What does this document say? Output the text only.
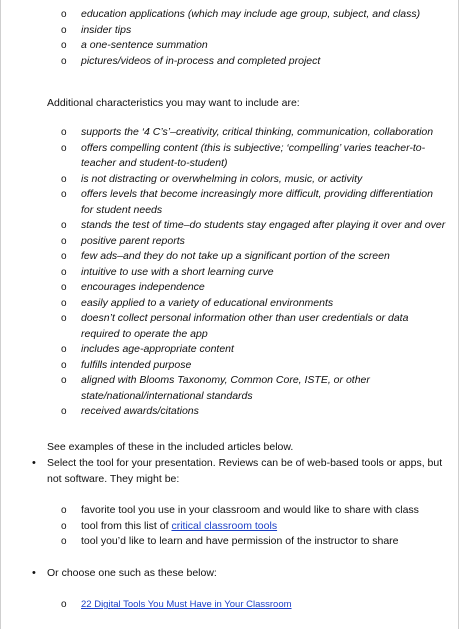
o education applications (which may include age group, subject, and class)
o insider tips
o a one-sentence summation
o pictures/videos of in-process and completed project
Additional characteristics you may want to include are:
o supports the ‘4 C’s’–creativity, critical thinking, communication, collaboration
o offers compelling content (this is subjective; ‘compelling’ varies teacher-to-teacher and student-to-student)
o is not distracting or overwhelming in colors, music, or activity
o offers levels that become increasingly more difficult, providing differentiation for student needs
o stands the test of time–do students stay engaged after playing it over and over
o positive parent reports
o few ads–and they do not take up a significant portion of the screen
o intuitive to use with a short learning curve
o encourages independence
o easily applied to a variety of educational environments
o doesn’t collect personal information other than user credentials or data required to operate the app
o includes age-appropriate content
o fulfills intended purpose
o aligned with Blooms Taxonomy, Common Core, ISTE, or other state/national/international standards
o received awards/citations
See examples of these in the included articles below.
• Select the tool for your presentation. Reviews can be of web-based tools or apps, but not software. They might be:
o favorite tool you use in your classroom and would like to share with class
o tool from this list of critical classroom tools
o tool you’d like to learn and have permission of the instructor to share
• Or choose one such as these below:
o 22 Digital Tools You Must Have in Your Classroom
